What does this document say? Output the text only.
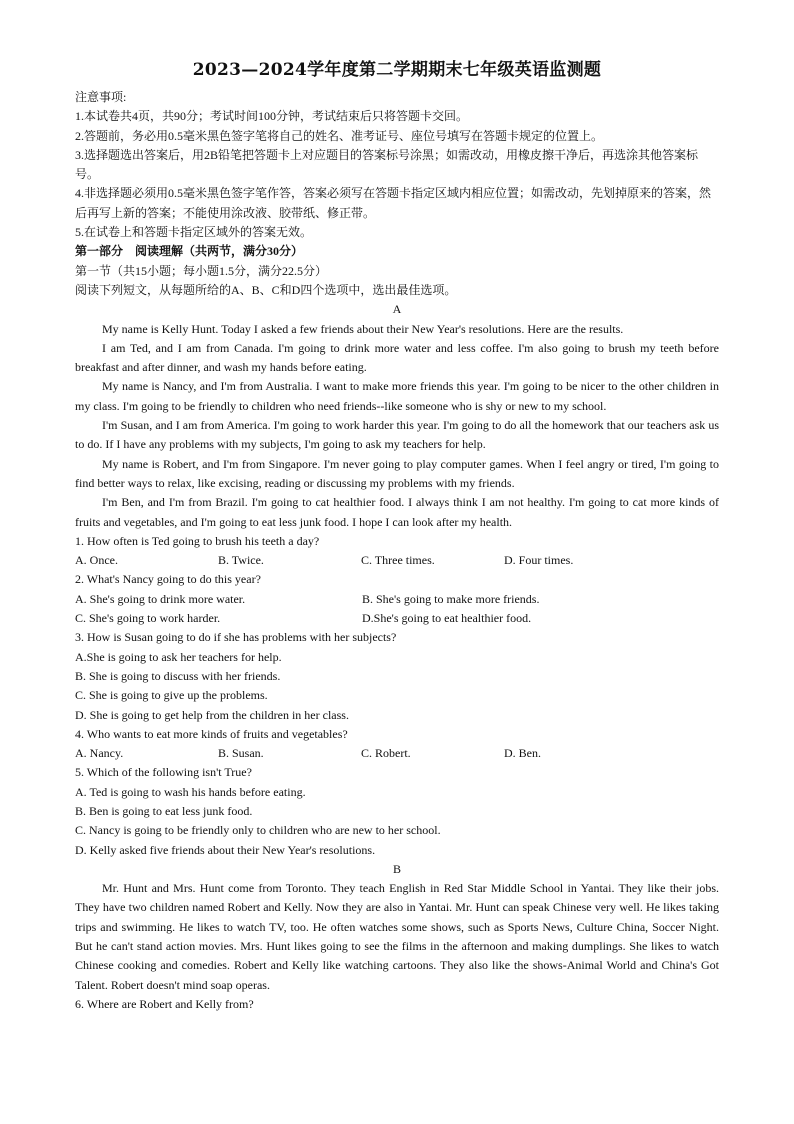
2023—2024学年度第二学期期末七年级英语监测题
注意事项:
1.本试卷共4页，共90分；考试时间100分钟，考试结束后只将答题卡交回。
2.答题前，务必用0.5毫米黑色签字笔将自己的姓名、准考证号、座位号填写在答题卡规定的位置上。
3.选择题选出答案后，用2B铅笔把答题卡上对应题目的答案标号涂黑；如需改动，用橡皮擦干净后，再选涂其他答案标号。
4.非选择题必须用0.5毫米黑色签字笔作答，答案必须写在答题卡指定区域内相应位置；如需改动，先划掉原来的答案，然后再写上新的答案；不能使用涂改液、胶带纸、修正带。
5.在试卷上和答题卡指定区域外的答案无效。
第一部分　阅读理解（共两节，满分30分）
第一节（共15小题；每小题1.5分，满分22.5分）
阅读下列短文，从每题所给的A、B、C和D四个选项中，选出最佳选项。
A
My name is Kelly Hunt. Today I asked a few friends about their New Year's resolutions. Here are the results.
I am Ted, and I am from Canada. I'm going to drink more water and less coffee. I'm also going to brush my teeth before breakfast and after dinner, and wash my hands before eating.
My name is Nancy, and I'm from Australia. I want to make more friends this year. I'm going to be nicer to the other children in my class. I'm going to be friendly to children who need friends--like someone who is shy or new to my school.
I'm Susan, and I am from America. I'm going to work harder this year. I'm going to do all the homework that our teachers ask us to do. If I have any problems with my subjects, I'm going to ask my teachers for help.
My name is Robert, and I'm from Singapore. I'm never going to play computer games. When I feel angry or tired, I'm going to find better ways to relax, like excising, reading or discussing my problems with my friends.
I'm Ben, and I'm from Brazil. I'm going to cat healthier food. I always think I am not healthy. I'm going to cat more kinds of fruits and vegetables, and I'm going to eat less junk food. I hope I can look after my health.
1. How often is Ted going to brush his teeth a day?
A. Once.	B. Twice.	C. Three times.	D. Four times.
2. What's Nancy going to do this year?
A. She's going to drink more water.	B. She's going to make more friends.
C. She's going to work harder.	D.She's going to eat healthier food.
3. How is Susan going to do if she has problems with her subjects?
A.She is going to ask her teachers for help.
B. She is going to discuss with her friends.
C. She is going to give up the problems.
D. She is going to get help from the children in her class.
4. Who wants to eat more kinds of fruits and vegetables?
A. Nancy.	B. Susan.	C. Robert.	D. Ben.
5. Which of the following isn't True?
A. Ted is going to wash his hands before eating.
B. Ben is going to eat less junk food.
C. Nancy is going to be friendly only to children who are new to her school.
D. Kelly asked five friends about their New Year's resolutions.
B
Mr. Hunt and Mrs. Hunt come from Toronto. They teach English in Red Star Middle School in Yantai. They like their jobs. They have two children named Robert and Kelly. Now they are also in Yantai. Mr. Hunt can speak Chinese very well. He likes taking trips and swimming. He likes to watch TV, too. He often watches some shows, such as Sports News, Culture China, Soccer Night. But he can't stand action movies. Mrs. Hunt likes going to see the films in the afternoon and making dumplings. She likes to watch Chinese cooking and comedies. Robert and Kelly like watching cartoons. They also like the shows-Animal World and China's Got Talent. Robert doesn't mind soap operas.
6. Where are Robert and Kelly from?
